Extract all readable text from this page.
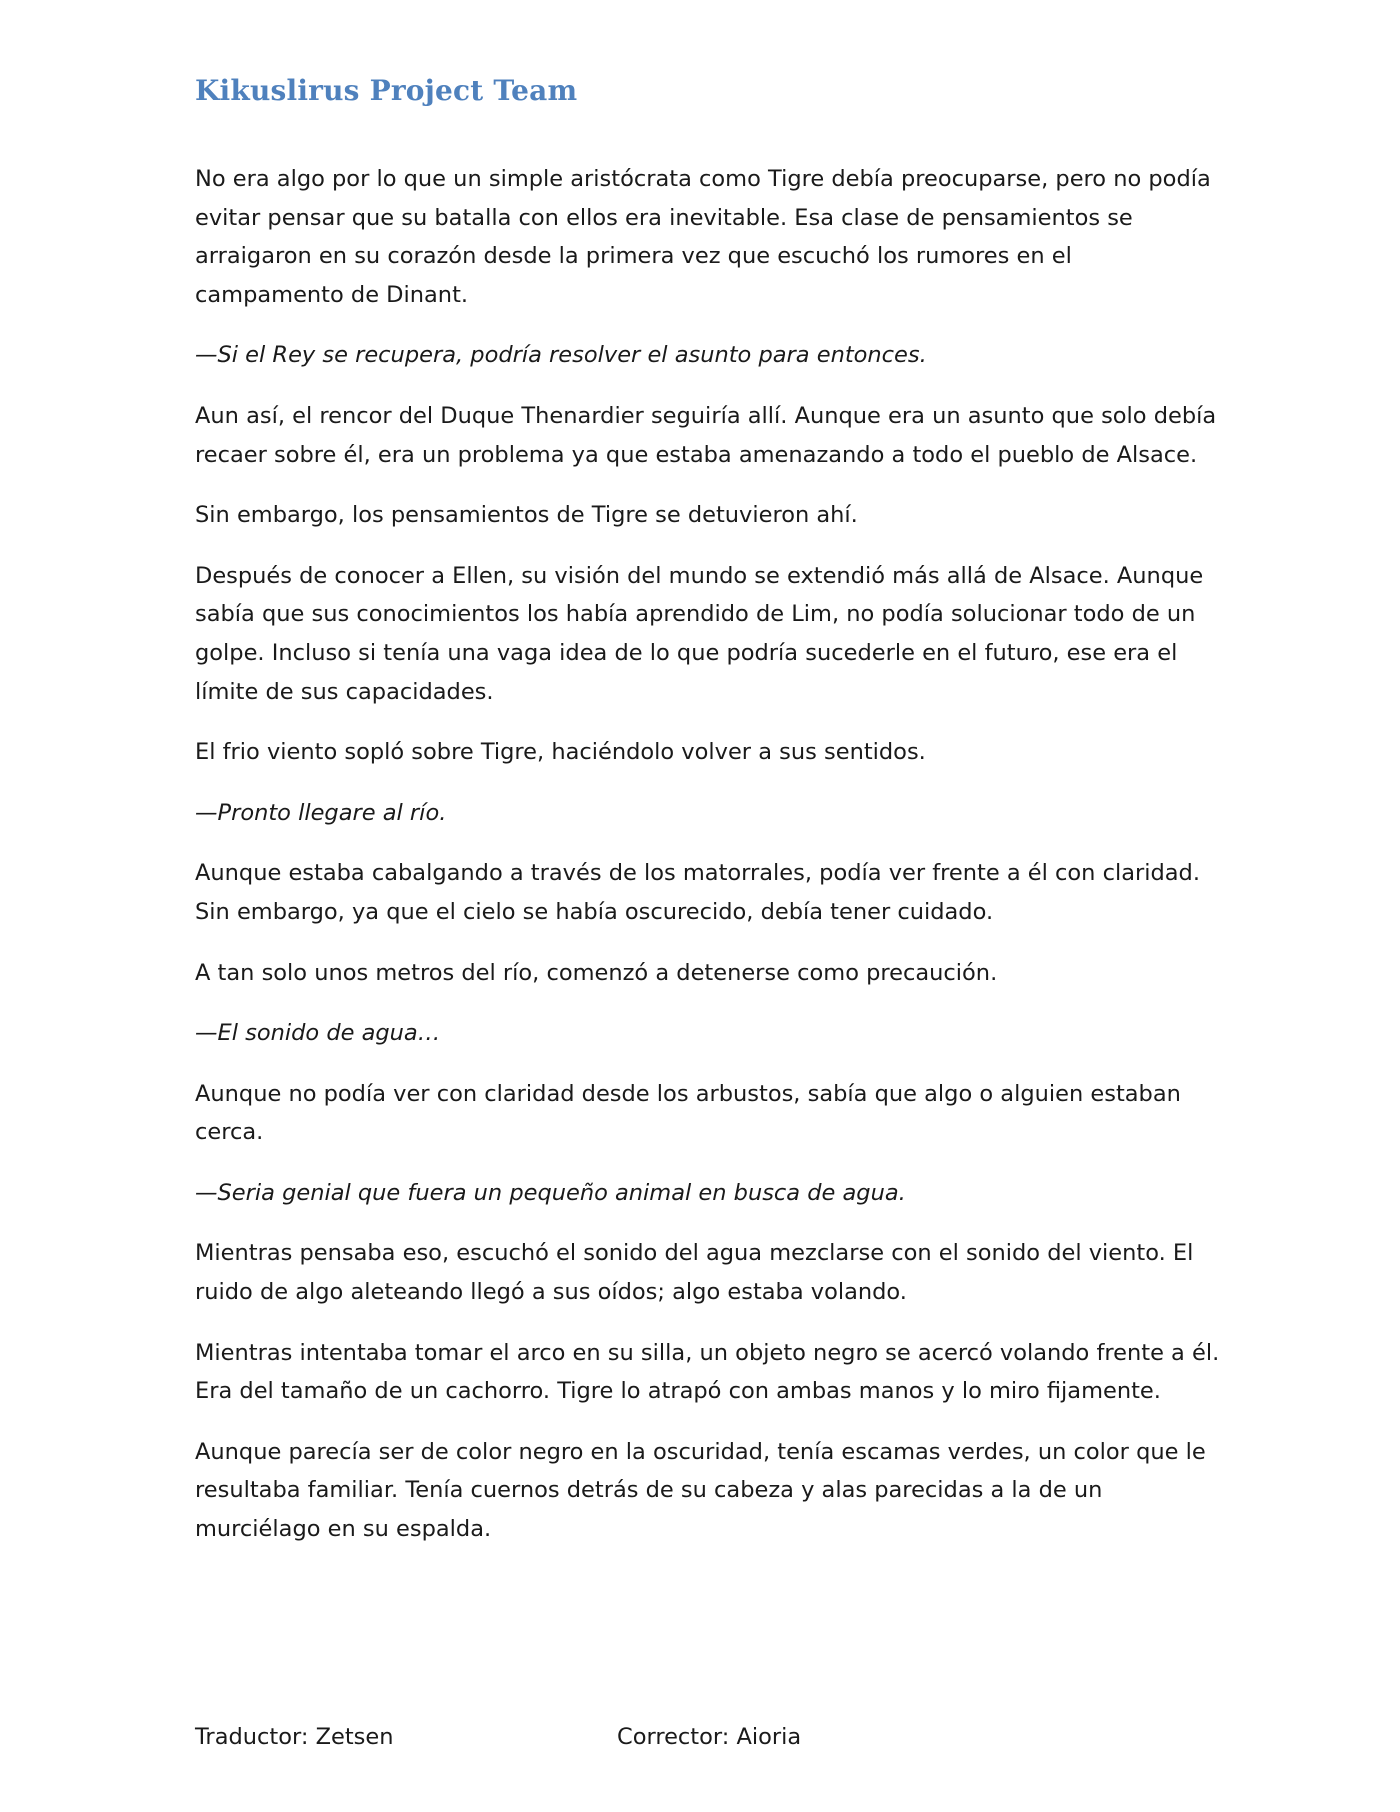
Kikuslirus Project Team

No era algo por lo que un simple aristócrata como Tigre debía preocuparse, pero no podía evitar pensar que su batalla con ellos era inevitable. Esa clase de pensamientos se arraigaron en su corazón desde la primera vez que escuchó los rumores en el campamento de Dinant.

—Si el Rey se recupera, podría resolver el asunto para entonces.

Aun así, el rencor del Duque Thenardier seguiría allí. Aunque era un asunto que solo debía recaer sobre él, era un problema ya que estaba amenazando a todo el pueblo de Alsace.

Sin embargo, los pensamientos de Tigre se detuvieron ahí.

Después de conocer a Ellen, su visión del mundo se extendió más allá de Alsace. Aunque sabía que sus conocimientos los había aprendido de Lim, no podía solucionar todo de un golpe. Incluso si tenía una vaga idea de lo que podría sucederle en el futuro, ese era el límite de sus capacidades.

El frio viento sopló sobre Tigre, haciéndolo volver a sus sentidos.

—Pronto llegare al río.

Aunque estaba cabalgando a través de los matorrales, podía ver frente a él con claridad. Sin embargo, ya que el cielo se había oscurecido, debía tener cuidado.

A tan solo unos metros del río, comenzó a detenerse como precaución.

—El sonido de agua…

Aunque no podía ver con claridad desde los arbustos, sabía que algo o alguien estaban cerca.

—Seria genial que fuera un pequeño animal en busca de agua.

Mientras pensaba eso, escuchó el sonido del agua mezclarse con el sonido del viento. El ruido de algo aleteando llegó a sus oídos; algo estaba volando.

Mientras intentaba tomar el arco en su silla, un objeto negro se acercó volando frente a él. Era del tamaño de un cachorro. Tigre lo atrapó con ambas manos y lo miro fijamente.

Aunque parecía ser de color negro en la oscuridad, tenía escamas verdes, un color que le resultaba familiar. Tenía cuernos detrás de su cabeza y alas parecidas a la de un murciélago en su espalda.

Traductor: Zetsen	Corrector: Aioria
